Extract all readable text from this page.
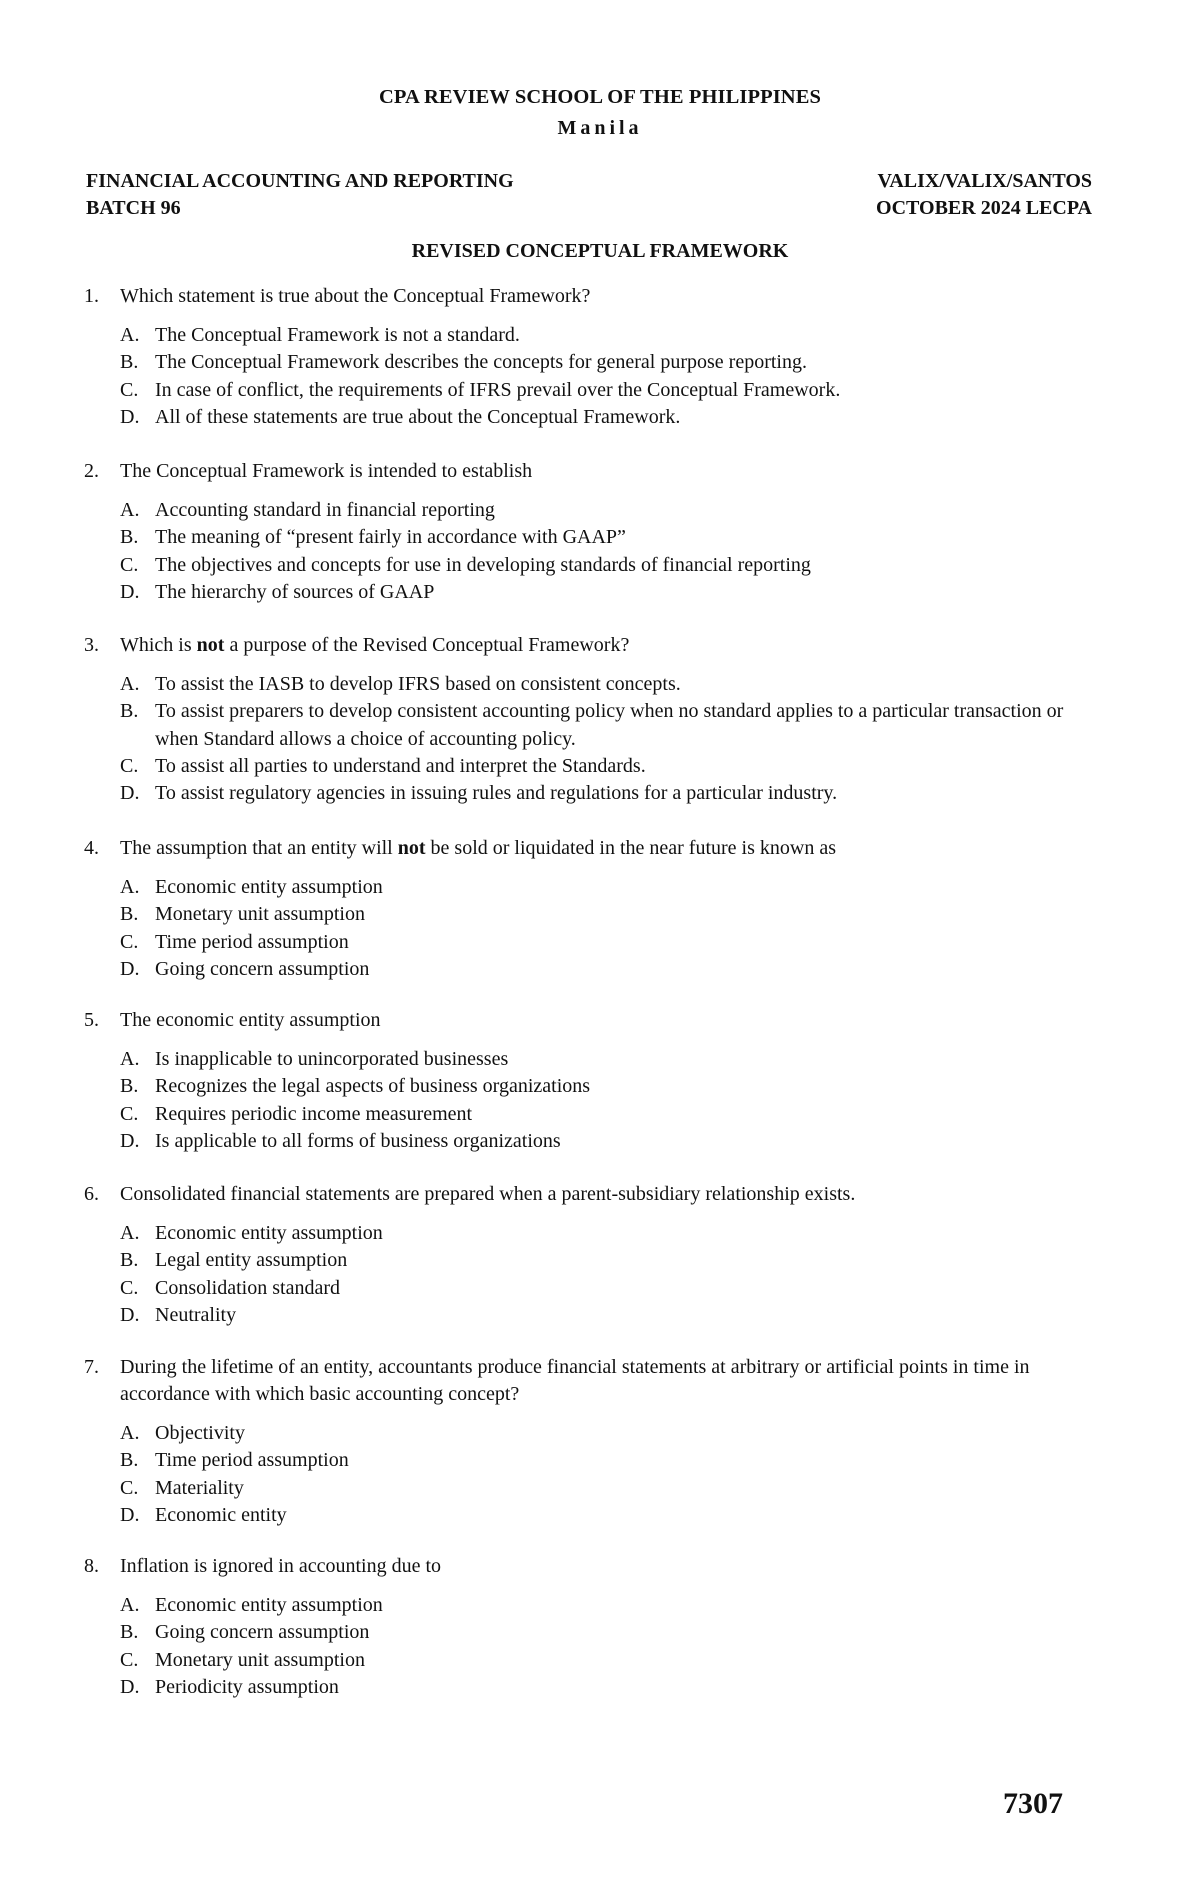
CPA REVIEW SCHOOL OF THE PHILIPPINES
Manila
FINANCIAL ACCOUNTING AND REPORTING	VALIX/VALIX/SANTOS
BATCH 96	OCTOBER 2024 LECPA
REVISED CONCEPTUAL FRAMEWORK
1. Which statement is true about the Conceptual Framework?
A. The Conceptual Framework is not a standard.
B. The Conceptual Framework describes the concepts for general purpose reporting.
C. In case of conflict, the requirements of IFRS prevail over the Conceptual Framework.
D. All of these statements are true about the Conceptual Framework.
2. The Conceptual Framework is intended to establish
A. Accounting standard in financial reporting
B. The meaning of “present fairly in accordance with GAAP”
C. The objectives and concepts for use in developing standards of financial reporting
D. The hierarchy of sources of GAAP
3. Which is not a purpose of the Revised Conceptual Framework?
A. To assist the IASB to develop IFRS based on consistent concepts.
B. To assist preparers to develop consistent accounting policy when no standard applies to a particular transaction or when Standard allows a choice of accounting policy.
C. To assist all parties to understand and interpret the Standards.
D. To assist regulatory agencies in issuing rules and regulations for a particular industry.
4. The assumption that an entity will not be sold or liquidated in the near future is known as
A. Economic entity assumption
B. Monetary unit assumption
C. Time period assumption
D. Going concern assumption
5. The economic entity assumption
A. Is inapplicable to unincorporated businesses
B. Recognizes the legal aspects of business organizations
C. Requires periodic income measurement
D. Is applicable to all forms of business organizations
6. Consolidated financial statements are prepared when a parent-subsidiary relationship exists.
A. Economic entity assumption
B. Legal entity assumption
C. Consolidation standard
D. Neutrality
7. During the lifetime of an entity, accountants produce financial statements at arbitrary or artificial points in time in accordance with which basic accounting concept?
A. Objectivity
B. Time period assumption
C. Materiality
D. Economic entity
8. Inflation is ignored in accounting due to
A. Economic entity assumption
B. Going concern assumption
C. Monetary unit assumption
D. Periodicity assumption
7307
